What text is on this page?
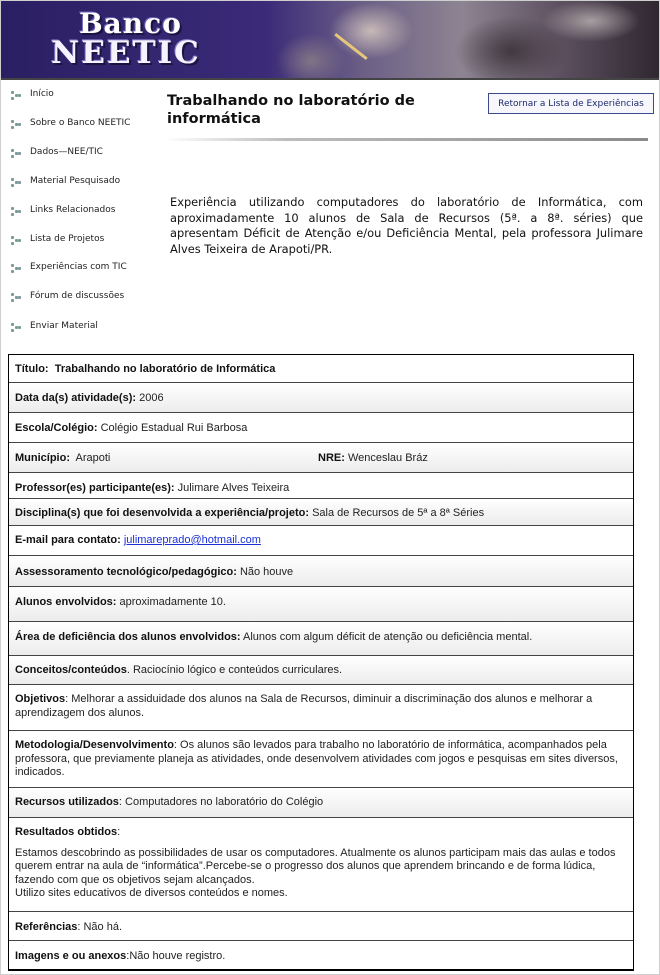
Banco
NEETIC
Início
Sobre o Banco NEETIC
Dados—NEE/TIC
Material Pesquisado
Links Relacionados
Lista de Projetos
Experiências com TIC
Fórum de discussões
Enviar Material
Trabalhando no laboratório de informática
Retornar a Lista de Experiências
Experiência utilizando computadores do laboratório de Informática, com aproximadamente 10 alunos de Sala de Recursos (5ª. a 8ª. séries) que apresentam Déficit de Atenção e/ou Deficiência Mental, pela professora Julimare Alves Teixeira de Arapoti/PR.
Título: Trabalhando no laboratório de Informática
Data da(s) atividade(s): 2006
Escola/Colégio: Colégio Estadual Rui Barbosa
Município: Arapoti	NRE: Wenceslau Bráz
Professor(es) participante(es): Julimare Alves Teixeira
Disciplina(s) que foi desenvolvida a experiência/projeto: Sala de Recursos de 5ª a 8ª Séries
E-mail para contato: julimareprado@hotmail.com
Assessoramento tecnológico/pedagógico: Não houve
Alunos envolvidos: aproximadamente 10.
Área de deficiência dos alunos envolvidos: Alunos com algum déficit de atenção ou deficiência mental.
Conceitos/conteúdos. Raciocínio lógico e conteúdos curriculares.
Objetivos: Melhorar a assiduidade dos alunos na Sala de Recursos, diminuir a discriminação dos alunos e melhorar a aprendizagem dos alunos.
Metodologia/Desenvolvimento: Os alunos são levados para trabalho no laboratório de informática, acompanhados pela professora, que previamente planeja as atividades, onde desenvolvem atividades com jogos e pesquisas em sites diversos, indicados.
Recursos utilizados: Computadores no laboratório do Colégio
Resultados obtidos:
Estamos descobrindo as possibilidades de usar os computadores. Atualmente os alunos participam mais das aulas e todos querem entrar na aula de “informática”.Percebe-se o progresso dos alunos que aprendem brincando e de forma lúdica, fazendo com que os objetivos sejam alcançados.
Utilizo sites educativos de diversos conteúdos e nomes.
Referências: Não há.
Imagens e ou anexos:Não houve registro.
